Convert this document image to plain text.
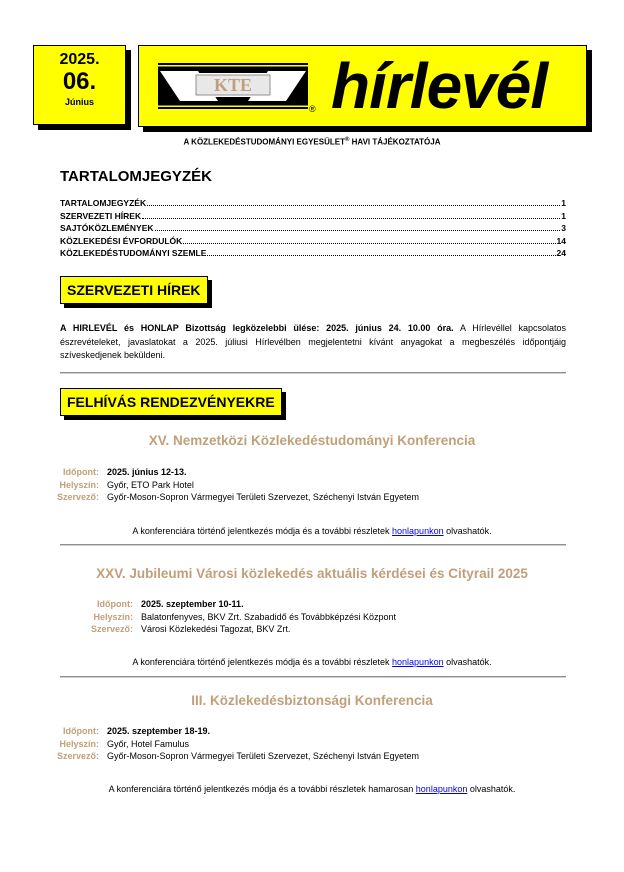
2025.
06.
Június
KTE
® hírlevél
A KÖZLEKEDÉSTUDOMÁNYI EGYESÜLET® HAVI TÁJÉKOZTATÓJA
TARTALOMJEGYZÉK
TARTALOMJEGYZÉK	1
SZERVEZETI HÍREK	1
SAJTÓKÖZLEMÉNYEK	3
KÖZLEKEDÉSI ÉVFORDULÓK	14
KÖZLEKEDÉSTUDOMÁNYI SZEMLE	24
SZERVEZETI HÍREK
A HIRLEVÉL és HONLAP Bizottság legközelebbi ülése: 2025. június 24. 10.00 óra. A Hírlevéllel kapcsolatos észrevételeket, javaslatokat a 2025. júliusi Hírlevélben megjelentetni kívánt anyagokat a megbeszélés időpontjáig szíveskedjenek beküldeni.
FELHÍVÁS RENDEZVÉNYEKRE
XV. Nemzetközi Közlekedéstudományi Konferencia
Időpont: 2025. június 12-13.
Helyszín: Győr, ETO Park Hotel
Szervező: Győr-Moson-Sopron Vármegyei Területi Szervezet, Széchenyi István Egyetem
A konferenciára történő jelentkezés módja és a további részletek honlapunkon olvashatók.
XXV. Jubileumi Városi közlekedés aktuális kérdései és Cityrail 2025
Időpont: 2025. szeptember 10-11.
Helyszín: Balatonfenyves, BKV Zrt. Szabadidő és Továbbképzési Központ
Szervező: Városi Közlekedési Tagozat, BKV Zrt.
A konferenciára történő jelentkezés módja és a további részletek honlapunkon olvashatók.
III. Közlekedésbiztonsági Konferencia
Időpont: 2025. szeptember 18-19.
Helyszín: Győr, Hotel Famulus
Szervező: Győr-Moson-Sopron Vármegyei Területi Szervezet, Széchenyi István Egyetem
A konferenciára történő jelentkezés módja és a további részletek hamarosan honlapunkon olvashatók.
